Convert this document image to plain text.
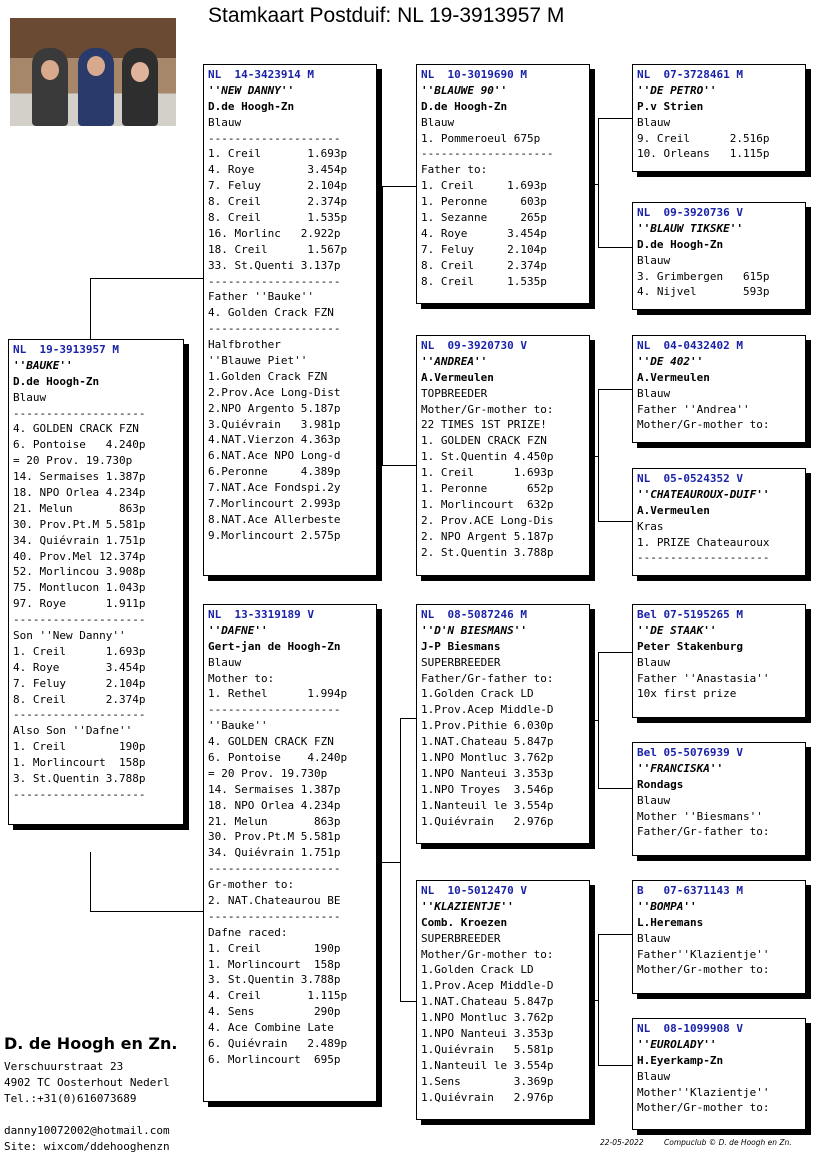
Stamkaart Postduif: NL 19-3913957 M
NL  19-3913957 M
''BAUKE''
D.de Hoogh-Zn
Blauw
--------------------
4. GOLDEN CRACK FZN
6. Pontoise   4.240p
= 20 Prov. 19.730p
14. Sermaises 1.387p
18. NPO Orlea 4.234p
21. Melun       863p
30. Prov.Pt.M 5.581p
34. Quiévrain 1.751p
40. Prov.Mel 12.374p
52. Morlincou 3.908p
75. Montlucon 1.043p
97. Roye      1.911p
--------------------
Son ''New Danny''
1. Creil      1.693p
4. Roye       3.454p
7. Feluy      2.104p
8. Creil      2.374p
--------------------
Also Son ''Dafne''
1. Creil        190p
1. Morlincourt  158p
3. St.Quentin 3.788p
--------------------
NL  14-3423914 M
''NEW DANNY''
D.de Hoogh-Zn
Blauw
--------------------
1. Creil       1.693p
4. Roye        3.454p
7. Feluy       2.104p
8. Creil       2.374p
8. Creil       1.535p
16. Morlinc   2.922p
18. Creil      1.567p
33. St.Quenti 3.137p
--------------------
Father ''Bauke''
4. Golden Crack FZN
--------------------
Halfbrother
''Blauwe Piet''
1.Golden Crack FZN
2.Prov.Ace Long-Dist
2.NPO Argento 5.187p
3.Quiévrain   3.981p
4.NAT.Vierzon 4.363p
6.NAT.Ace NPO Long-d
6.Peronne     4.389p
7.NAT.Ace Fondspi.2y
7.Morlincourt 2.993p
8.NAT.Ace Allerbeste
9.Morlincourt 2.575p
NL  13-3319189 V
''DAFNE''
Gert-jan de Hoogh-Zn
Blauw
Mother to:
1. Rethel      1.994p
--------------------
''Bauke''
4. GOLDEN CRACK FZN
6. Pontoise    4.240p
= 20 Prov. 19.730p
14. Sermaises 1.387p
18. NPO Orlea 4.234p
21. Melun       863p
30. Prov.Pt.M 5.581p
34. Quiévrain 1.751p
--------------------
Gr-mother to:
2. NAT.Chateaurou BE
--------------------
Dafne raced:
1. Creil        190p
1. Morlincourt  158p
3. St.Quentin 3.788p
4. Creil       1.115p
4. Sens         290p
4. Ace Combine Late
6. Quiévrain   2.489p
6. Morlincourt  695p
NL  10-3019690 M
''BLAUWE 90''
D.de Hoogh-Zn
Blauw
1. Pommeroeul 675p
--------------------
Father to:
1. Creil     1.693p
1. Peronne     603p
1. Sezanne     265p
4. Roye      3.454p
7. Feluy     2.104p
8. Creil     2.374p
8. Creil     1.535p
NL  09-3920730 V
''ANDREA''
A.Vermeulen
TOPBREEDER
Mother/Gr-mother to:
22 TIMES 1ST PRIZE!
1. GOLDEN CRACK FZN
1. St.Quentin 4.450p
1. Creil      1.693p
1. Peronne      652p
1. Morlincourt  632p
2. Prov.ACE Long-Dis
2. NPO Argent 5.187p
2. St.Quentin 3.788p
NL  08-5087246 M
''D'N BIESMANS''
J-P Biesmans
SUPERBREEDER
Father/Gr-father to:
1.Golden Crack LD
1.Prov.Acep Middle-D
1.Prov.Pithie 6.030p
1.NAT.Chateau 5.847p
1.NPO Montluc 3.762p
1.NPO Nanteui 3.353p
1.NPO Troyes  3.546p
1.Nanteuil le 3.554p
1.Quiévrain   2.976p
NL  10-5012470 V
''KLAZIENTJE''
Comb. Kroezen
SUPERBREEDER
Mother/Gr-mother to:
1.Golden Crack LD
1.Prov.Acep Middle-D
1.NAT.Chateau 5.847p
1.NPO Montluc 3.762p
1.NPO Nanteui 3.353p
1.Quiévrain   5.581p
1.Nanteuil le 3.554p
1.Sens        3.369p
1.Quiévrain   2.976p
NL  07-3728461 M
''DE PETRO''
P.v Strien
Blauw
9. Creil      2.516p
10. Orleans   1.115p
NL  09-3920736 V
''BLAUW TIKSKE''
D.de Hoogh-Zn
Blauw
3. Grimbergen   615p
4. Nijvel       593p
NL  04-0432402 M
''DE 402''
A.Vermeulen
Blauw
Father ''Andrea''
Mother/Gr-mother to:
NL  05-0524352 V
''CHATEAUROUX-DUIF''
A.Vermeulen
Kras
1. PRIZE Chateauroux
--------------------
Bel 07-5195265 M
''DE STAAK''
Peter Stakenburg
Blauw
Father ''Anastasia''
10x first prize
Bel 05-5076939 V
''FRANCISKA''
Rondags
Blauw
Mother ''Biesmans''
Father/Gr-father to:
B   07-6371143 M
''BOMPA''
L.Heremans
Blauw
Father''Klazientje''
Mother/Gr-mother to:
NL  08-1099908 V
''EUROLADY''
H.Eyerkamp-Zn
Blauw
Mother''Klazientje''
Mother/Gr-mother to:
D. de Hoogh en Zn.
Verschuurstraat 23
4902 TC Oosterhout Nederl
Tel.:+31(0)616073689
danny10072002@hotmail.com
Site: wixcom/ddehooghenzn	22-05-2022	Compuclub © D. de Hoogh en Zn.
